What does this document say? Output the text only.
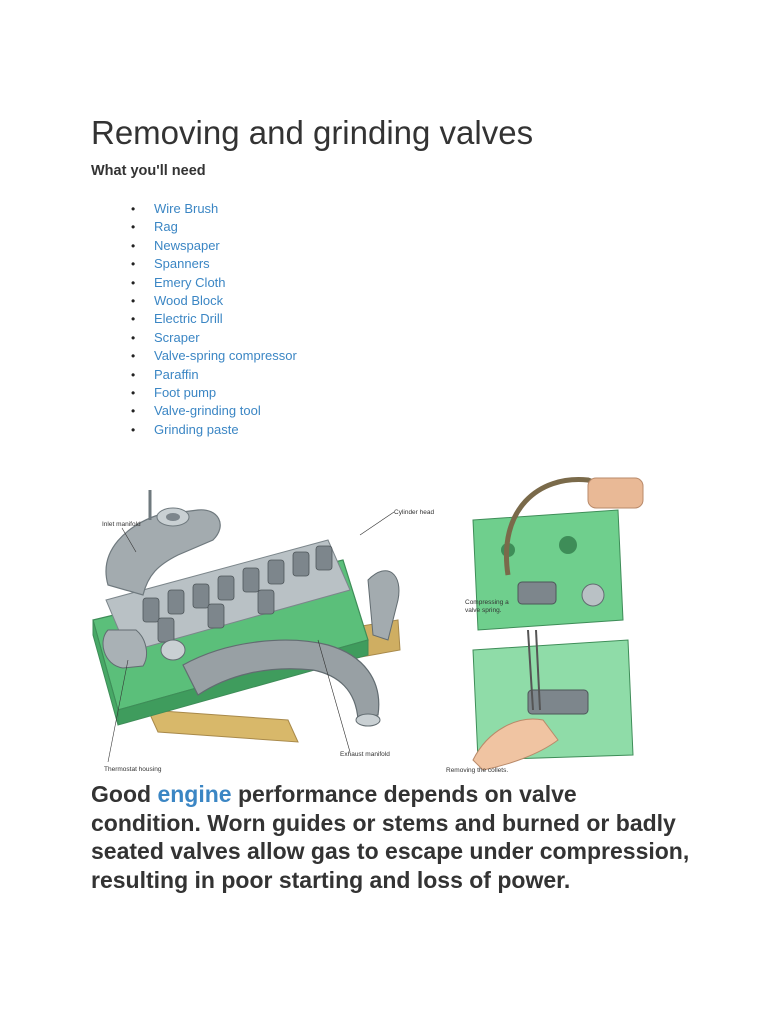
Removing and grinding valves
What you'll need
• Wire Brush
• Rag
• Newspaper
• Spanners
• Emery Cloth
• Wood Block
• Electric Drill
• Scraper
• Valve-spring compressor
• Paraffin
• Foot pump
• Valve-grinding tool
• Grinding paste
Inlet manifold
Cylinder head
Thermostat housing
Exhaust manifold
Compressing a
valve spring.
Removing the collets.

Good engine performance depends on valve condition. Worn guides or stems and burned or badly seated valves allow gas to escape under compression, resulting in poor starting and loss of power.
